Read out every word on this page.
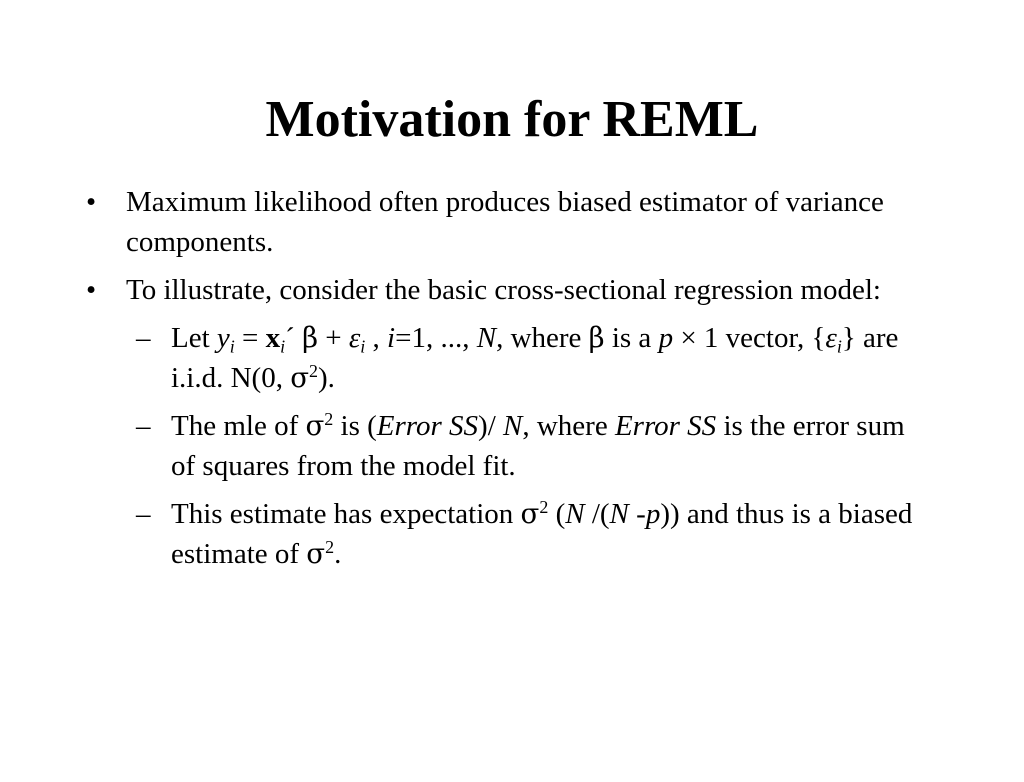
Motivation for REML
• Maximum likelihood often produces biased estimator of variance components.
• To illustrate, consider the basic cross-sectional regression model:
– Let $y_i$ = $x_i´$ $\beta + \varepsilon_i$ , i=1, ..., N, where β is a p × 1 vector, $\{\varepsilon_i\}$ are i.i.d. N(0, $\sigma^2$).
– The mle of $\sigma^2$ is (Error SS)/ N, where Error SS is the error sum of squares from the model fit.
– This estimate has expectation $\sigma^2$ (N /(N -p)) and thus is a biased estimate of $\sigma^2$.
